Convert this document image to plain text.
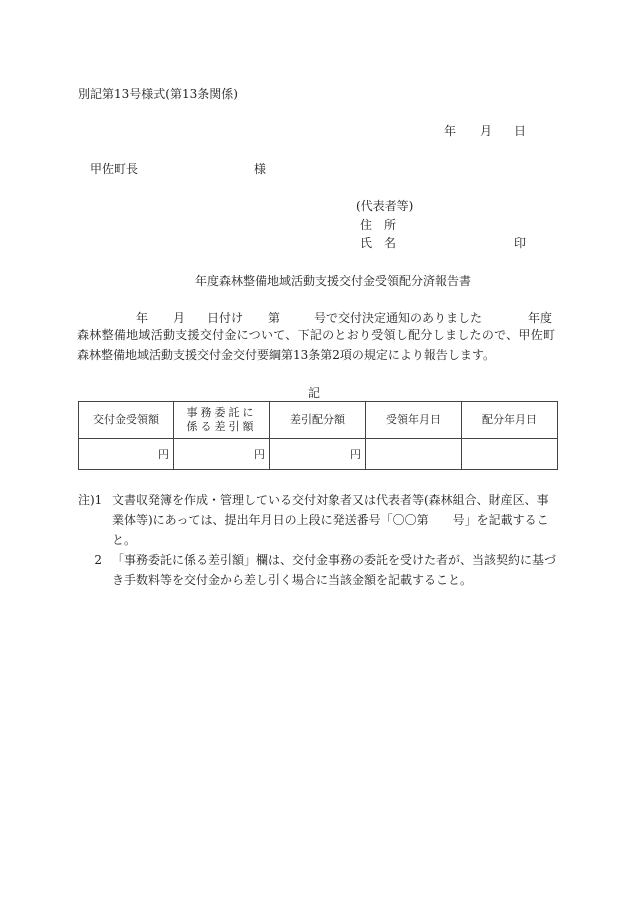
別記第13号様式(第13条関係)
年 月 日
甲佐町長	様
(代表者等)
住　所
氏　名	印
年度森林整備地域活動支援交付金受領配分済報告書
年 月 日付け 第	号で交付決定通知のありました	年度
森林整備地域活動支援交付金について、下記のとおり受領し配分しましたので、甲佐町森林整備地域活動支援交付金交付要綱第13条第2項の規定により報告します。
記
交付金受領額	事務委託に
係る差引額	差引配分額	受領年月日	配分年月日
円	円	円		
注)1 文書収発簿を作成・管理している交付対象者又は代表者等(森林組合、財産区、事業体等)にあっては、提出年月日の上段に発送番号「〇〇第　　号」を記載すること。
2 「事務委託に係る差引額」欄は、交付金事務の委託を受けた者が、当該契約に基づき手数料等を交付金から差し引く場合に当該金額を記載すること。
